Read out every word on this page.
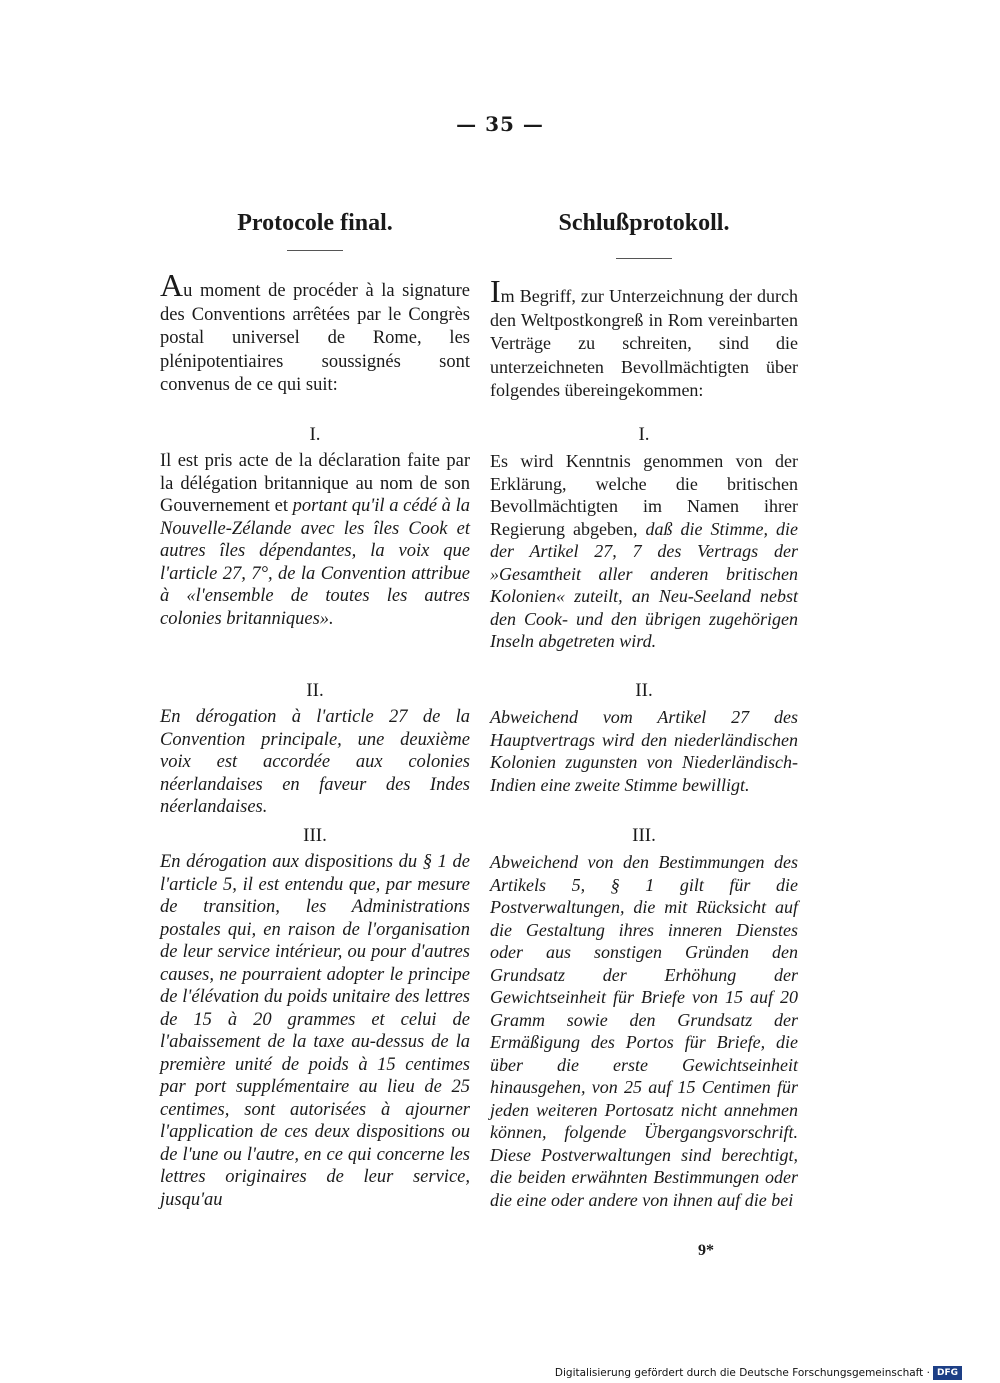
— 35 —
Protocole final.

Au moment de procéder à la signature des Conventions arrêtées par le Congrès postal universel de Rome, les plénipotentiaires soussignés sont convenus de ce qui suit:

I.

Il est pris acte de la déclaration faite par la délégation britannique au nom de son Gouvernement et portant qu'il a cédé à la Nouvelle-Zélande avec les îles Cook et autres îles dépendantes, la voix que l'article 27, 7°, de la Convention attribue à «l'ensemble de toutes les autres colonies britanniques».

II.

En dérogation à l'article 27 de la Convention principale, une deuxième voix est accordée aux colonies néerlandaises en faveur des Indes néerlandaises.

III.

En dérogation aux dispositions du § 1 de l'article 5, il est entendu que, par mesure de transition, les Administrations postales qui, en raison de l'organisation de leur service intérieur, ou pour d'autres causes, ne pourraient adopter le principe de l'élévation du poids unitaire des lettres de 15 à 20 grammes et celui de l'abaissement de la taxe au-dessus de la première unité de poids à 15 centimes par port supplémentaire au lieu de 25 centimes, sont autorisées à ajourner l'application de ces deux dispositions ou de l'une ou l'autre, en ce qui concerne les lettres originaires de leur service, jusqu'au

Schlußprotokoll.

Im Begriff, zur Unterzeichnung der durch den Weltpostkongreß in Rom vereinbarten Verträge zu schreiten, sind die unterzeichneten Bevollmächtigten über folgendes übereingekommen:

I.

Es wird Kenntnis genommen von der Erklärung, welche die britischen Bevollmächtigten im Namen ihrer Regierung abgeben, daß die Stimme, die der Artikel 27, 7 des Vertrags der »Gesamtheit aller anderen britischen Kolonien« zuteilt, an Neu-Seeland nebst den Cook- und den übrigen zugehörigen Inseln abgetreten wird.

II.

Abweichend vom Artikel 27 des Hauptvertrags wird den niederländischen Kolonien zugunsten von Niederländisch-Indien eine zweite Stimme bewilligt.

III.

Abweichend von den Bestimmungen des Artikels 5, § 1 gilt für die Postverwaltungen, die mit Rücksicht auf die Gestaltung ihres inneren Dienstes oder aus sonstigen Gründen den Grundsatz der Erhöhung der Gewichtseinheit für Briefe von 15 auf 20 Gramm sowie den Grundsatz der Ermäßigung des Portos für Briefe, die über die erste Gewichtseinheit hinausgehen, von 25 auf 15 Centimen für jeden weiteren Portosatz nicht annehmen können, folgende Übergangsvorschrift. Diese Postverwaltungen sind berechtigt, die beiden erwähnten Bestimmungen oder die eine oder andere von ihnen auf die bei

9*
Digitalisierung gefördert durch die Deutsche Forschungsgemeinschaft · DFG
